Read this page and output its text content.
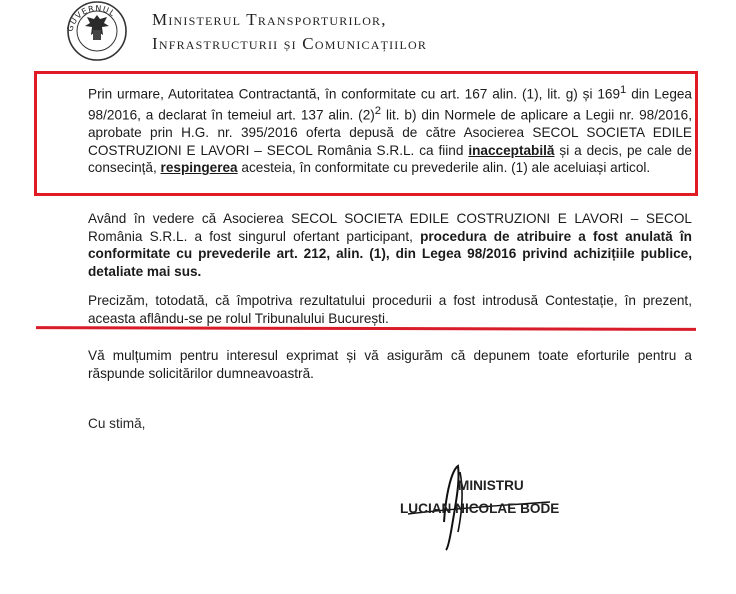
GUVERNUL Ministerul Transporturilor,
Infrastructurii și Comunicațiilor
Prin urmare, Autoritatea Contractantă, în conformitate cu art. 167 alin. (1), lit. g) și $169^1$ din Legea 98/2016, a declarat în temeiul art. 137 alin. $(2)^2$ lit. b) din Normele de aplicare a Legii nr. 98/2016, aprobate prin H.G. nr. 395/2016 oferta depusă de către Asocierea SECOL SOCIETA EDILE COSTRUZIONI E LAVORI – SECOL România S.R.L. ca fiind inacceptabilă și a decis, pe cale de consecință, respingerea acesteia, în conformitate cu prevederile alin. (1) ale aceluiași articol.
Având în vedere că Asocierea SECOL SOCIETA EDILE COSTRUZIONI E LAVORI – SECOL România S.R.L. a fost singurul ofertant participant, procedura de atribuire a fost anulată în conformitate cu prevederile art. 212, alin. (1), din Legea 98/2016 privind achizițiile publice, detaliate mai sus.
Precizăm, totodată, că împotriva rezultatului procedurii a fost introdusă Contestație, în prezent, aceasta aflându-se pe rolul Tribunalului București.
Vă mulțumim pentru interesul exprimat și vă asigurăm că depunem toate eforturile pentru a răspunde solicitărilor dumneavoastră.
Cu stimă,
MINISTRU
LUCIAN NICOLAE BODE
